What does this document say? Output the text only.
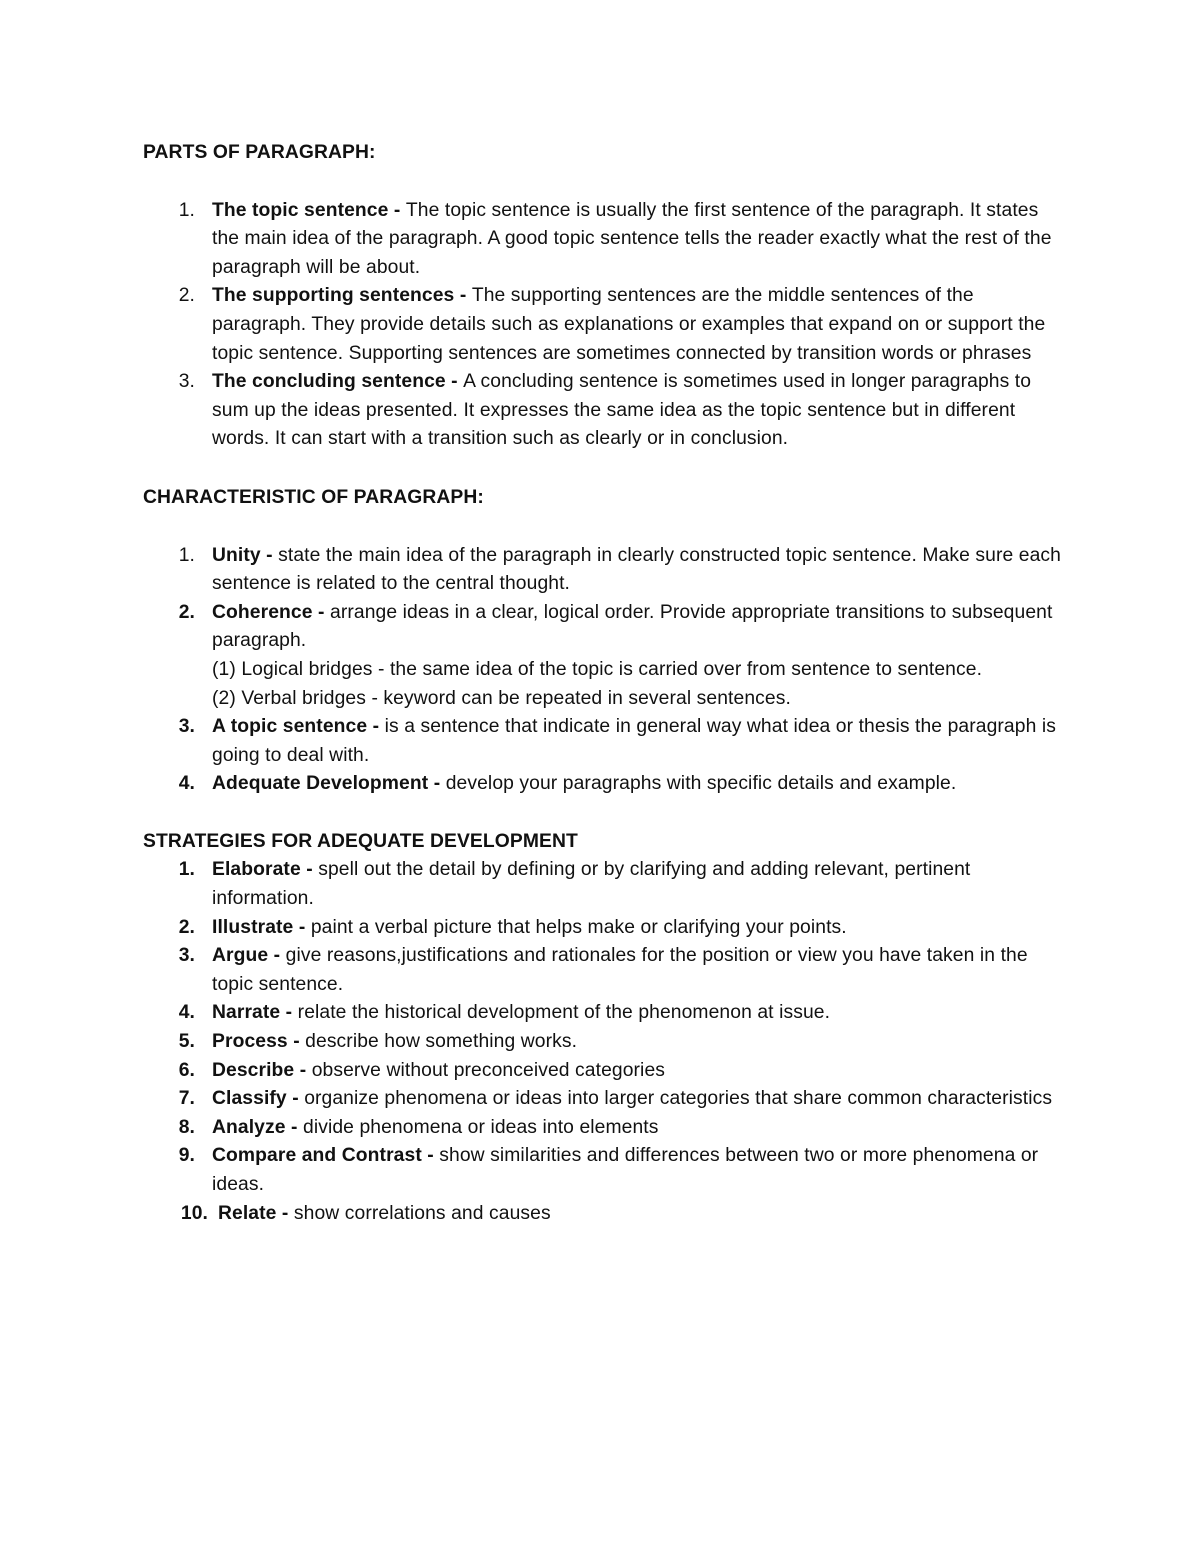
PARTS OF PARAGRAPH:
1. The topic sentence - The topic sentence is usually the first sentence of the paragraph. It states the main idea of the paragraph. A good topic sentence tells the reader exactly what the rest of the paragraph will be about.
2. The supporting sentences - The supporting sentences are the middle sentences of the paragraph. They provide details such as explanations or examples that expand on or support the topic sentence. Supporting sentences are sometimes connected by transition words or phrases
3. The concluding sentence - A concluding sentence is sometimes used in longer paragraphs to sum up the ideas presented. It expresses the same idea as the topic sentence but in different words. It can start with a transition such as clearly or in conclusion.
CHARACTERISTIC OF PARAGRAPH:
1. Unity - state the main idea of the paragraph in clearly constructed topic sentence. Make sure each sentence is related to the central thought.
2. Coherence - arrange ideas in a clear, logical order. Provide appropriate transitions to subsequent paragraph.
(1) Logical bridges - the same idea of the topic is carried over from sentence to sentence.
(2) Verbal bridges - keyword can be repeated in several sentences.
3. A topic sentence - is a sentence that indicate in general way what idea or thesis the paragraph is going to deal with.
4. Adequate Development - develop your paragraphs with specific details and example.
STRATEGIES FOR ADEQUATE DEVELOPMENT
1. Elaborate - spell out the detail by defining or by clarifying and adding relevant, pertinent information.
2. Illustrate - paint a verbal picture that helps make or clarifying your points.
3. Argue - give reasons,justifications and rationales for the position or view you have taken in the topic sentence.
4. Narrate - relate the historical development of the phenomenon at issue.
5. Process - describe how something works.
6. Describe - observe without preconceived categories
7. Classify - organize phenomena or ideas into larger categories that share common characteristics
8. Analyze - divide phenomena or ideas into elements
9. Compare and Contrast - show similarities and differences between two or more phenomena or ideas.
10. Relate - show correlations and causes
